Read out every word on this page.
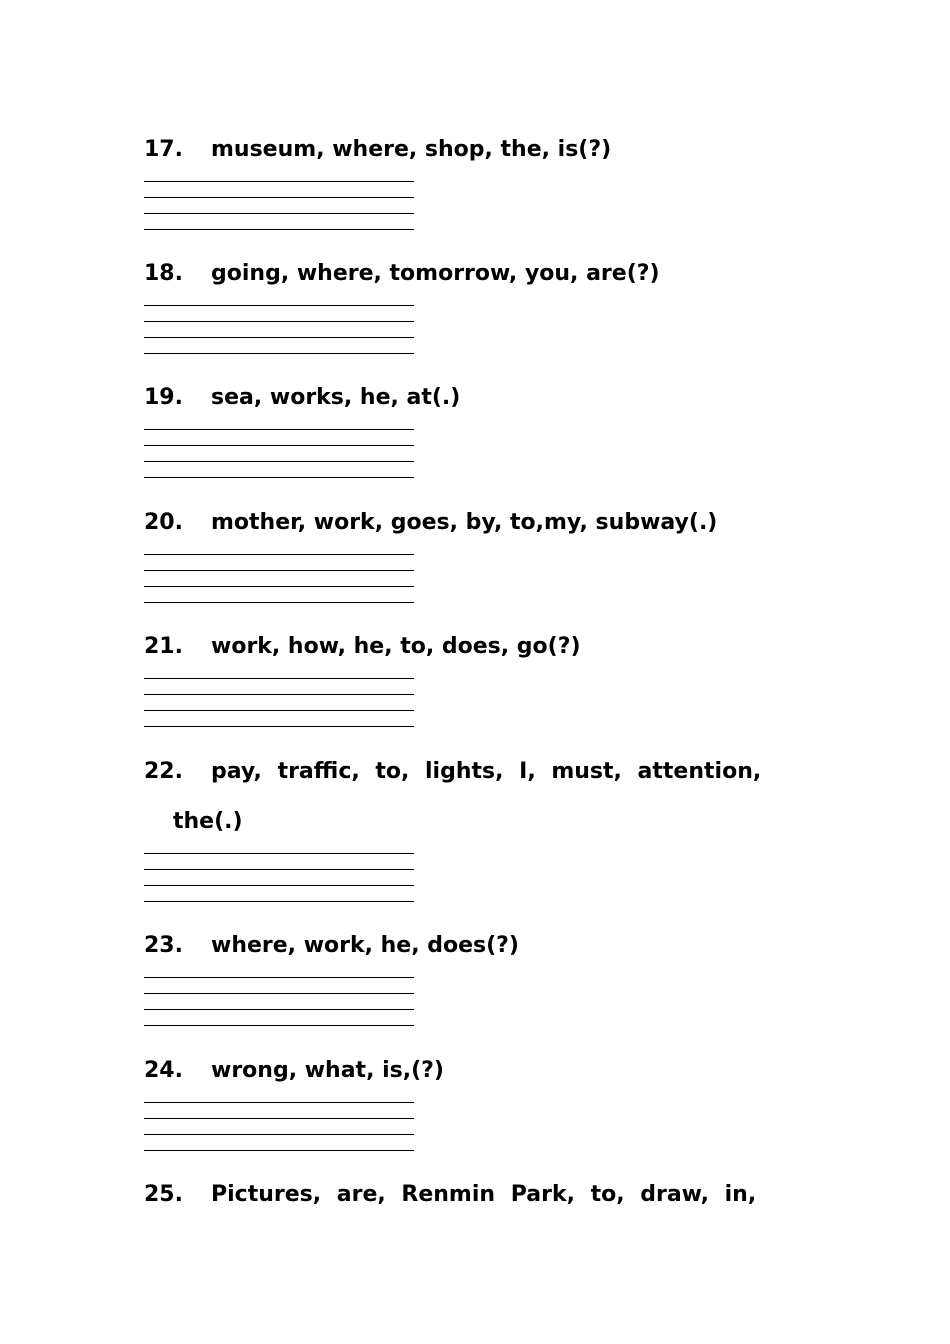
17.	museum, where, shop, the, is(?)
18.	going, where, tomorrow, you, are(?)
19.	sea, works, he, at(.)
20.	mother, work, goes, by, to,my, subway(.)
21.	work, how, he, to, does, go(?)
22.	pay, traffic, to, lights, I, must, attention,
the(.)
23.	where, work, he, does(?)
24.	wrong, what, is,(?)
25.	Pictures, are, Renmin Park, to, draw, in,
